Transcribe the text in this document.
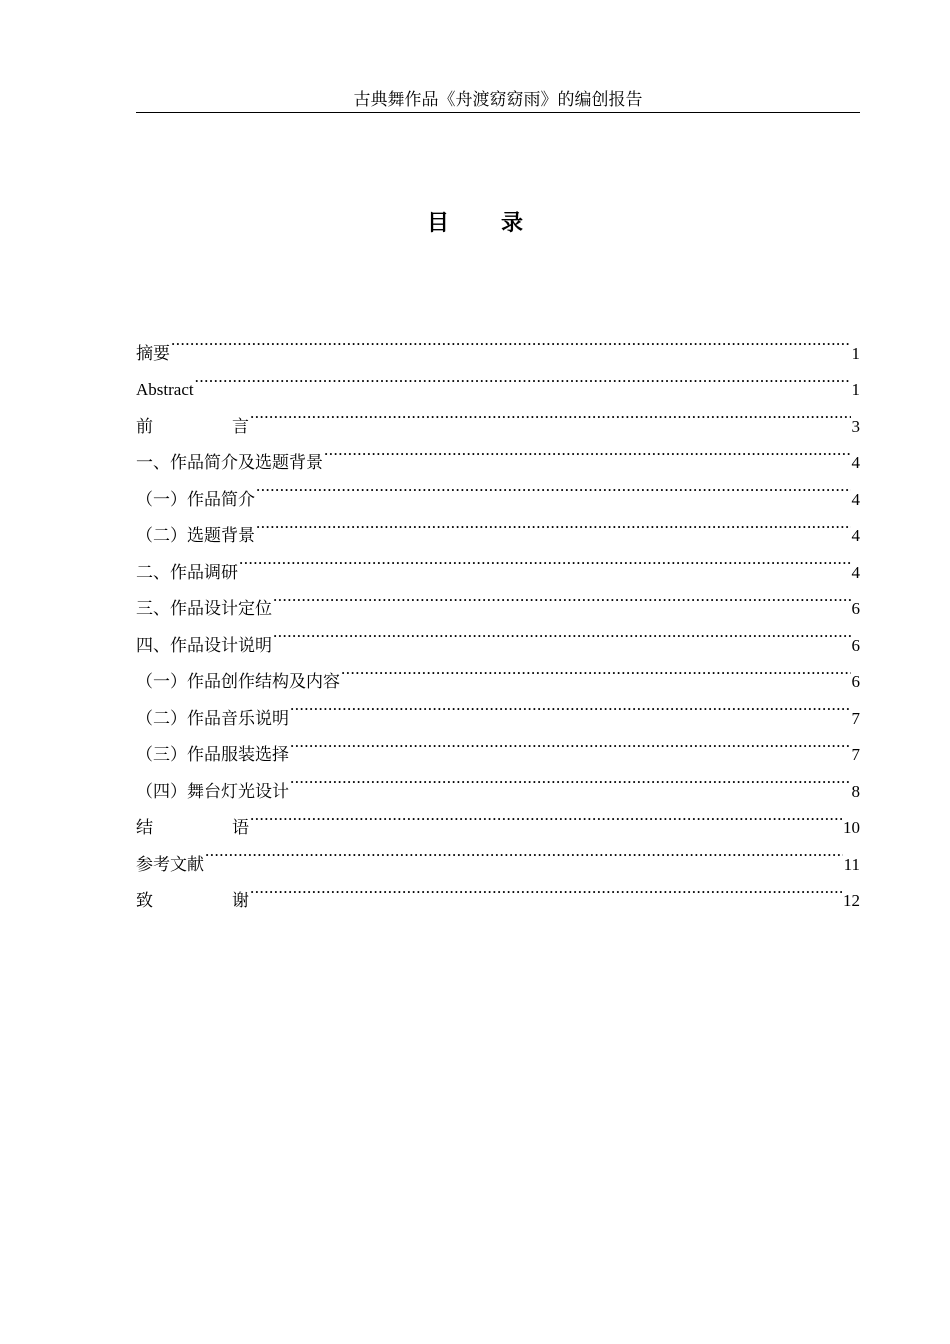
古典舞作品《舟渡窈窈雨》的编创报告
目 录
摘要 .....	1
Abstract .....	1
前	言 .....	3
一、作品简介及选题背景 .....	4
（一）作品简介 .....	4
（二）选题背景 .....	4
二、作品调研 .....	4
三、作品设计定位 .....	6
四、作品设计说明 .....	6
（一）作品创作结构及内容 .....	6
（二）作品音乐说明 .....	7
（三）作品服装选择 .....	7
（四）舞台灯光设计 .....	8
结	语 .....	10
参考文献 .....	11
致	谢 .....	12
